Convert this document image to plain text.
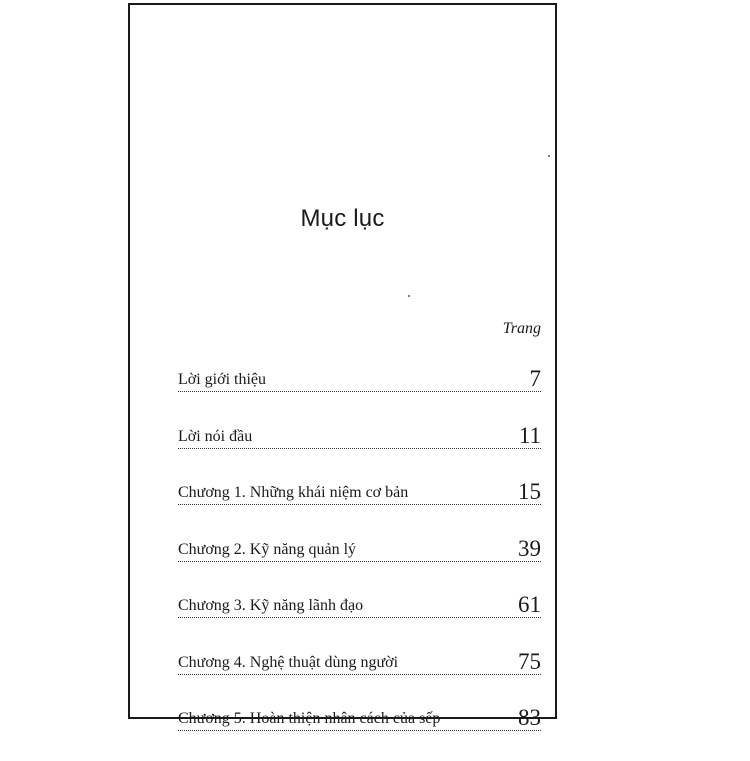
Mục lục
Trang
Lời giới thiệu	7
Lời nói đầu	11
Chương 1. Những khái niệm cơ bản	15
Chương 2. Kỹ năng quản lý	39
Chương 3. Kỹ năng lãnh đạo	61
Chương 4. Nghệ thuật dùng người	75
Chương 5. Hoàn thiện nhân cách của sếp	83
